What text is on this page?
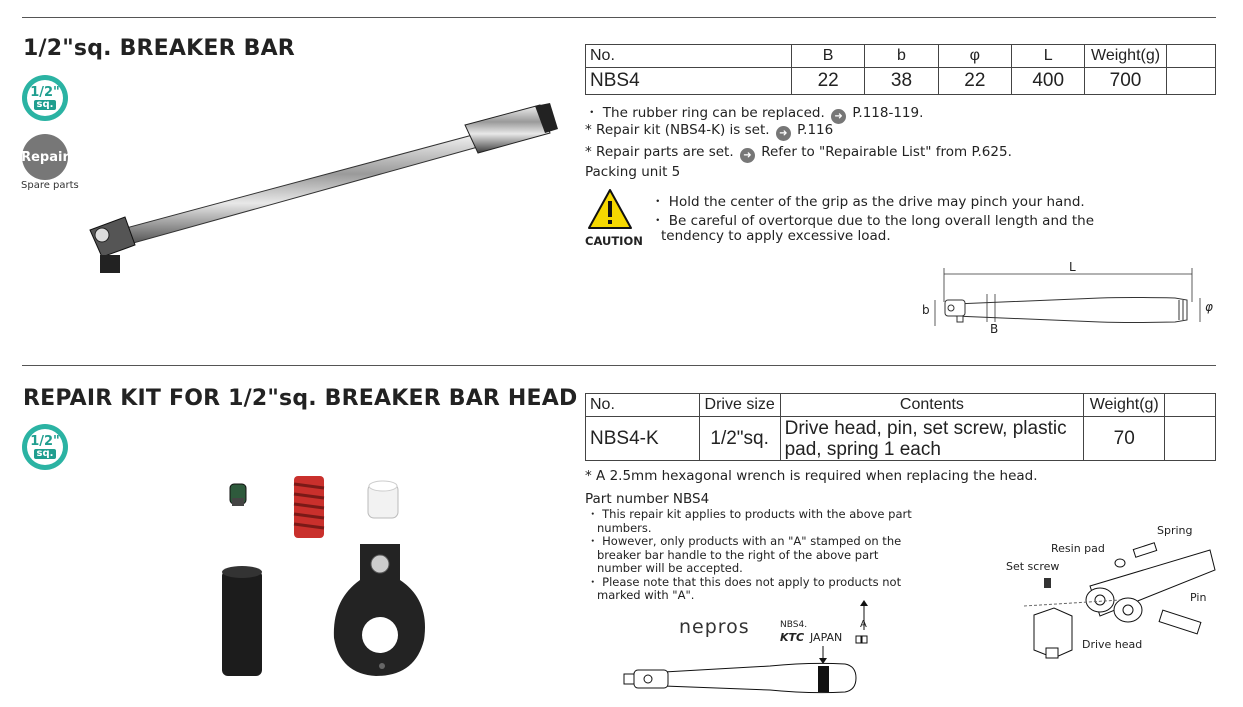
1/2"sq. BREAKER BAR
1/2"
sq.
Repair
Spare parts
No.	B	b	φ	L	Weight(g)	
NBS4	22	38	22	400	700	
・ The rubber ring can be replaced. ➜ P.118-119.
* Repair kit (NBS4-K) is set. ➜ P.116
* Repair parts are set. ➜ Refer to "Repairable List" from P.625.
Packing unit 5
CAUTION
・ Hold the center of the grip as the drive may pinch your hand.
・ Be careful of overtorque due to the long overall length and the
tendency to apply excessive load.
L
b
B
φ
REPAIR KIT FOR 1/2"sq. BREAKER BAR HEAD
1/2"
sq.
No.	Drive size	Contents	Weight(g)	
NBS4-K	1/2"sq.	Drive head, pin, set screw, plastic pad, spring 1 each	70	
* A 2.5mm hexagonal wrench is required when replacing the head.
Part number NBS4
・ This repair kit applies to products with the above part numbers.
・ However, only products with an "A" stamped on the breaker bar handle to the right of the above part number will be accepted.
・ Please note that this does not apply to products not marked with "A".
nepros	NBS4.
KTC JAPAN
A
Spring
Resin pad
Set screw
Pin
Drive head
